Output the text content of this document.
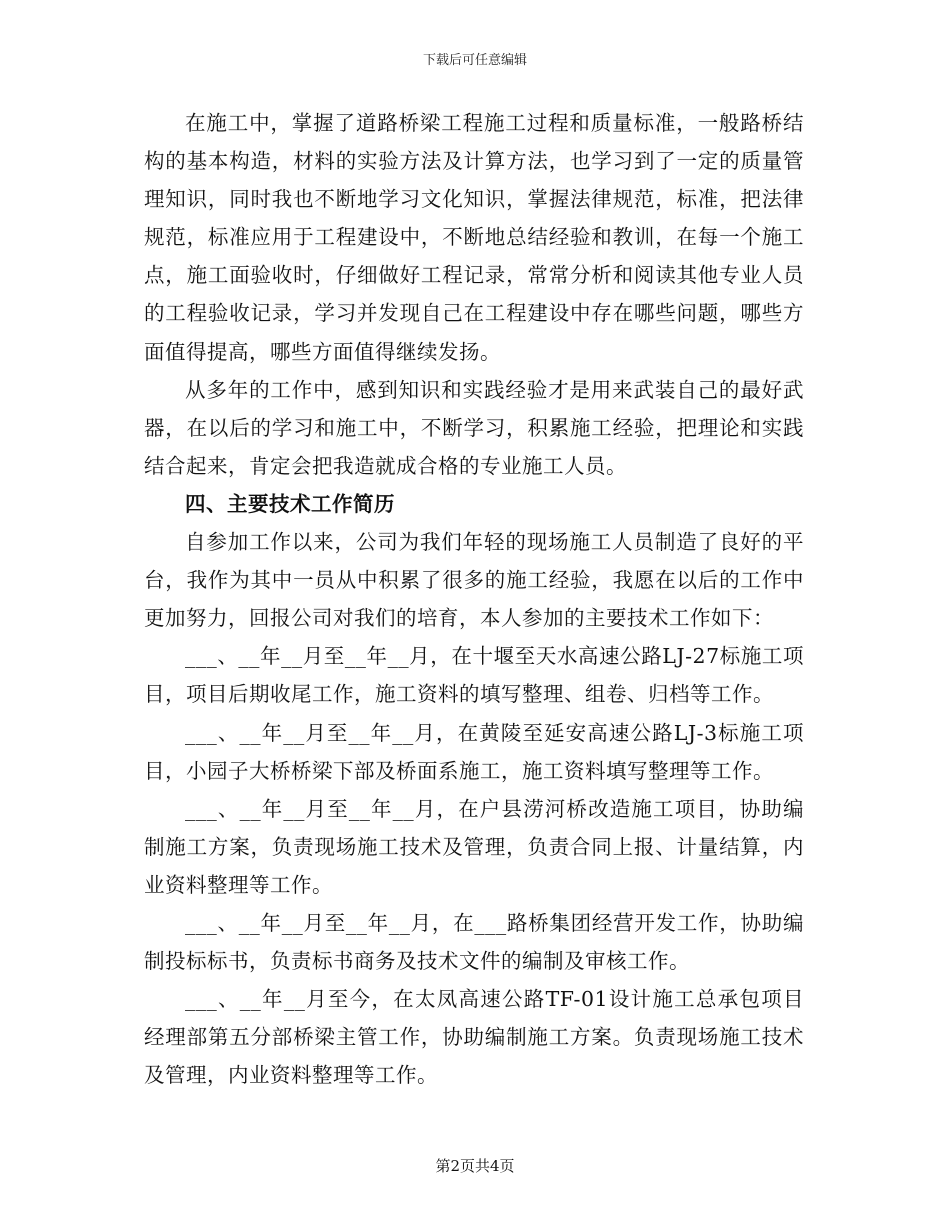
下载后可任意编辑

在施工中，掌握了道路桥梁工程施工过程和质量标准，一般路桥结构的基本构造，材料的实验方法及计算方法，也学习到了一定的质量管理知识，同时我也不断地学习文化知识，掌握法律规范，标准，把法律规范，标准应用于工程建设中，不断地总结经验和教训，在每一个施工点，施工面验收时，仔细做好工程记录，常常分析和阅读其他专业人员的工程验收记录，学习并发现自己在工程建设中存在哪些问题，哪些方面值得提高，哪些方面值得继续发扬。

从多年的工作中，感到知识和实践经验才是用来武装自己的最好武器，在以后的学习和施工中，不断学习，积累施工经验，把理论和实践结合起来，肯定会把我造就成合格的专业施工人员。

四、主要技术工作简历

自参加工作以来，公司为我们年轻的现场施工人员制造了良好的平台，我作为其中一员从中积累了很多的施工经验，我愿在以后的工作中更加努力，回报公司对我们的培育，本人参加的主要技术工作如下：

___、__年__月至__年__月，在十堰至天水高速公路LJ-27标施工项目，项目后期收尾工作，施工资料的填写整理、组卷、归档等工作。

___、__年__月至__年__月，在黄陵至延安高速公路LJ-3标施工项目，小园子大桥桥梁下部及桥面系施工，施工资料填写整理等工作。

___、__年__月至__年__月，在户县涝河桥改造施工项目，协助编制施工方案，负责现场施工技术及管理，负责合同上报、计量结算，内业资料整理等工作。

___、__年__月至__年__月，在___路桥集团经营开发工作，协助编制投标标书，负责标书商务及技术文件的编制及审核工作。

___、__年__月至今，在太凤高速公路TF-01设计施工总承包项目经理部第五分部桥梁主管工作，协助编制施工方案。负责现场施工技术及管理，内业资料整理等工作。

第2页共4页
